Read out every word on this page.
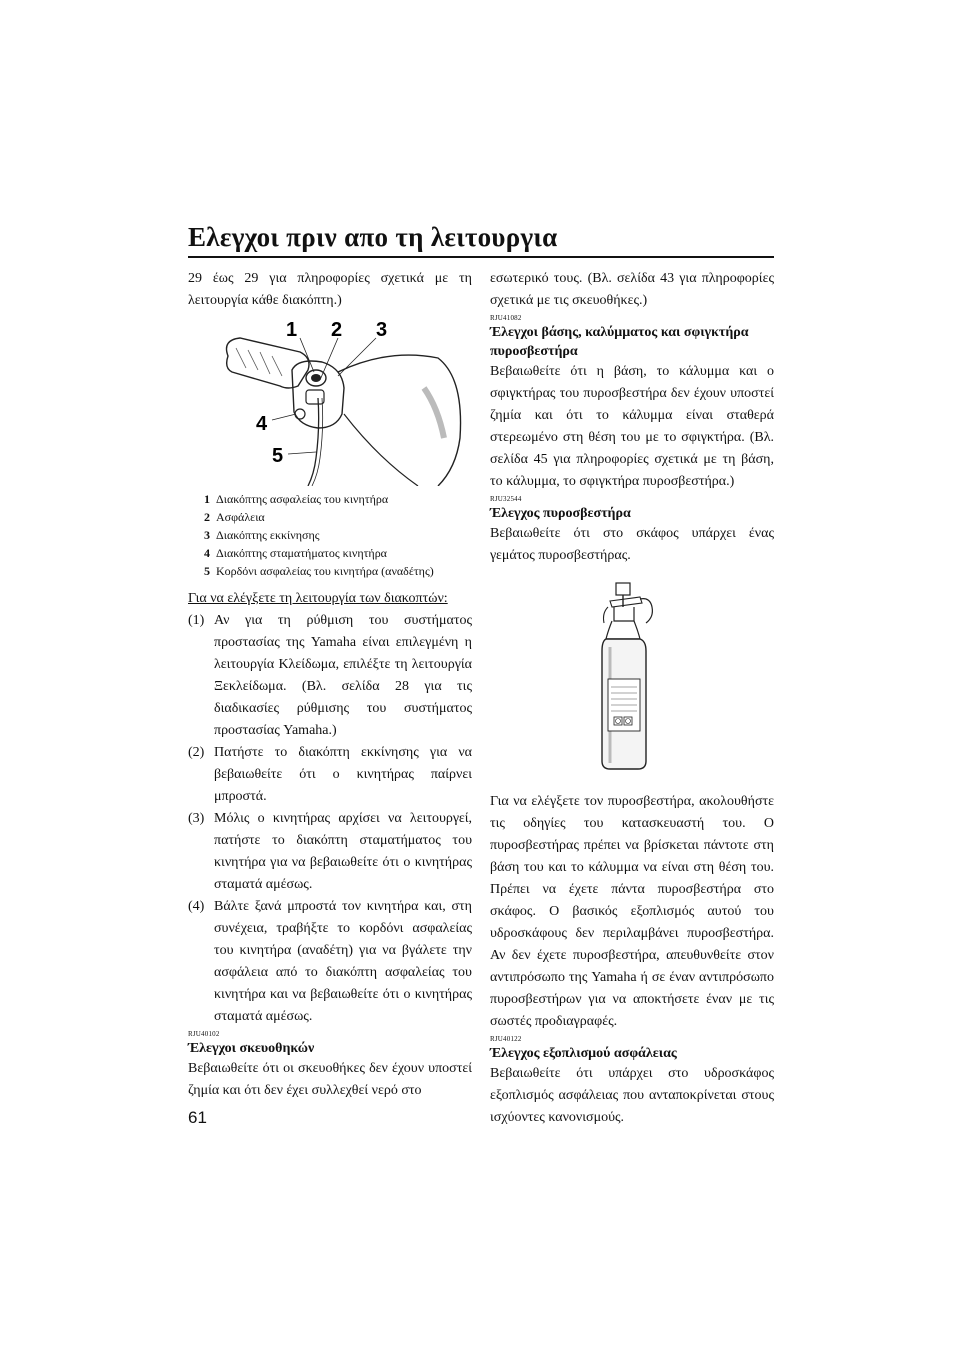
Ελεγχοι πριν απο τη λειτουργια

29 έως 29 για πληροφορίες σχετικά με τη λειτουργία κάθε διακόπτη.)

1 2 3
4
5
1 Διακόπτης ασφαλείας του κινητήρα
2 Ασφάλεια
3 Διακόπτης εκκίνησης
4 Διακόπτης σταματήματος κινητήρα
5 Κορδόνι ασφαλείας του κινητήρα (αναδέτης)

Για να ελέγξετε τη λειτουργία των διακοπτών:

(1) Αν για τη ρύθμιση του συστήματος προστασίας της Yamaha είναι επιλεγμένη η λειτουργία Κλείδωμα, επιλέξτε τη λειτουργία Ξεκλείδωμα. (Βλ. σελίδα 28 για τις διαδικασίες ρύθμισης του συστήματος προστασίας Yamaha.)
(2) Πατήστε το διακόπτη εκκίνησης για να βεβαιωθείτε ότι ο κινητήρας παίρνει μπροστά.
(3) Μόλις ο κινητήρας αρχίσει να λειτουργεί, πατήστε το διακόπτη σταματήματος του κινητήρα για να βεβαιωθείτε ότι ο κινητήρας σταματά αμέσως.
(4) Βάλτε ξανά μπροστά τον κινητήρα και, στη συνέχεια, τραβήξτε το κορδόνι ασφαλείας του κινητήρα (αναδέτη) για να βγάλετε την ασφάλεια από το διακόπτη ασφαλείας του κινητήρα και να βεβαιωθείτε ότι ο κινητήρας σταματά αμέσως.
RJU40102

Έλεγχοι σκευοθηκών

Βεβαιωθείτε ότι οι σκευοθήκες δεν έχουν υποστεί ζημία και ότι δεν έχει συλλεχθεί νερό στο

εσωτερικό τους. (Βλ. σελίδα 43 για πληροφορίες σχετικά με τις σκευοθήκες.)

RJU41082

Έλεγχοι βάσης, καλύμματος και σφιγκτήρα πυροσβεστήρα

Βεβαιωθείτε ότι η βάση, το κάλυμμα και ο σφιγκτήρας του πυροσβεστήρα δεν έχουν υποστεί ζημία και ότι το κάλυμμα είναι σταθερά στερεωμένο στη θέση του με το σφιγκτήρα. (Βλ. σελίδα 45 για πληροφορίες σχετικά με τη βάση, το κάλυμμα, το σφιγκτήρα πυροσβεστήρα.)

RJU32544

Έλεγχος πυροσβεστήρα

Βεβαιωθείτε ότι στο σκάφος υπάρχει ένας γεμάτος πυροσβεστήρας.

Για να ελέγξετε τον πυροσβεστήρα, ακολουθήστε τις οδηγίες του κατασκευαστή του. Ο πυροσβεστήρας πρέπει να βρίσκεται πάντοτε στη βάση του και το κάλυμμα να είναι στη θέση του. Πρέπει να έχετε πάντα πυροσβεστήρα στο σκάφος. Ο βασικός εξοπλισμός αυτού του υδροσκάφους δεν περιλαμβάνει πυροσβεστήρα. Αν δεν έχετε πυροσβεστήρα, απευθυνθείτε στον αντιπρόσωπο της Yamaha ή σε έναν αντιπρόσωπο πυροσβεστήρων για να αποκτήσετε έναν με τις σωστές προδιαγραφές.

RJU40122

Έλεγχος εξοπλισμού ασφάλειας

Βεβαιωθείτε ότι υπάρχει στο υδροσκάφος εξοπλισμός ασφάλειας που ανταποκρίνεται στους ισχύοντες κανονισμούς.

61
